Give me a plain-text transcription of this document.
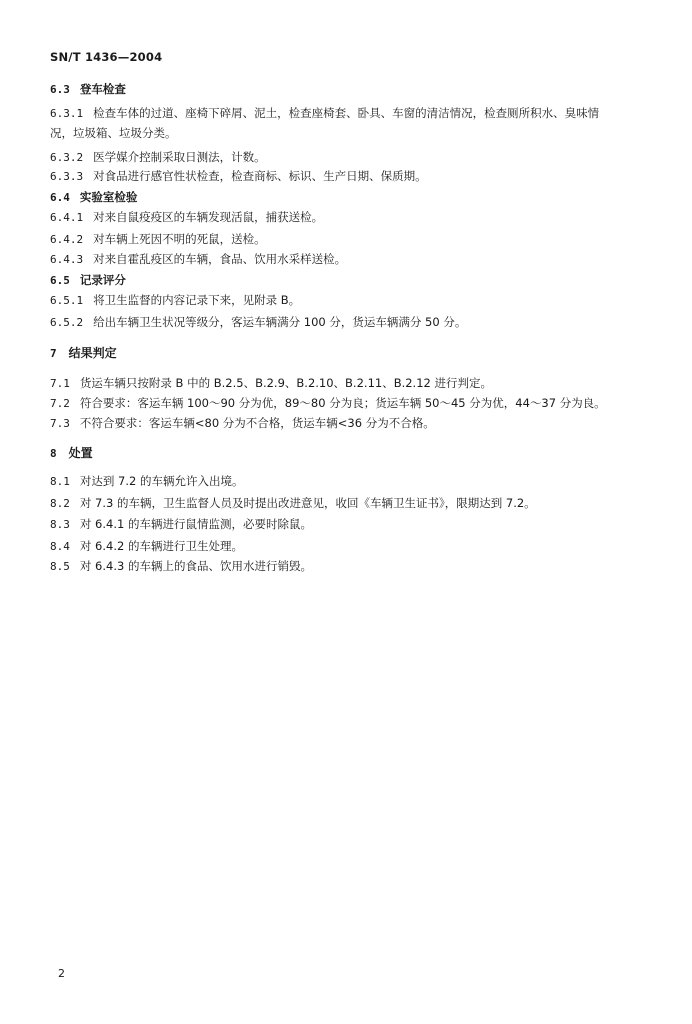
SN/T 1436—2004
6.3 登车检查
6.3.1 检查车体的过道、座椅下碎屑、泥土，检查座椅套、卧具、车窗的清洁情况，检查厕所积水、臭味情
况，垃圾箱、垃圾分类。
6.3.2 医学媒介控制采取日测法，计数。
6.3.3 对食品进行感官性状检查，检查商标、标识、生产日期、保质期。
6.4 实验室检验
6.4.1 对来自鼠疫疫区的车辆发现活鼠，捕获送检。
6.4.2 对车辆上死因不明的死鼠，送检。
6.4.3 对来自霍乱疫区的车辆，食品、饮用水采样送检。
6.5 记录评分
6.5.1 将卫生监督的内容记录下来，见附录 B。
6.5.2 给出车辆卫生状况等级分，客运车辆满分 100 分，货运车辆满分 50 分。
7 结果判定
7.1 货运车辆只按附录 B 中的 B.2.5、B.2.9、B.2.10、B.2.11、B.2.12 进行判定。
7.2 符合要求：客运车辆 100～90 分为优，89～80 分为良；货运车辆 50～45 分为优，44～37 分为良。
7.3 不符合要求：客运车辆<80 分为不合格，货运车辆<36 分为不合格。
8 处置
8.1 对达到 7.2 的车辆允许入出境。
8.2 对 7.3 的车辆，卫生监督人员及时提出改进意见，收回《车辆卫生证书》，限期达到 7.2。
8.3 对 6.4.1 的车辆进行鼠情监测，必要时除鼠。
8.4 对 6.4.2 的车辆进行卫生处理。
8.5 对 6.4.3 的车辆上的食品、饮用水进行销毁。
2
